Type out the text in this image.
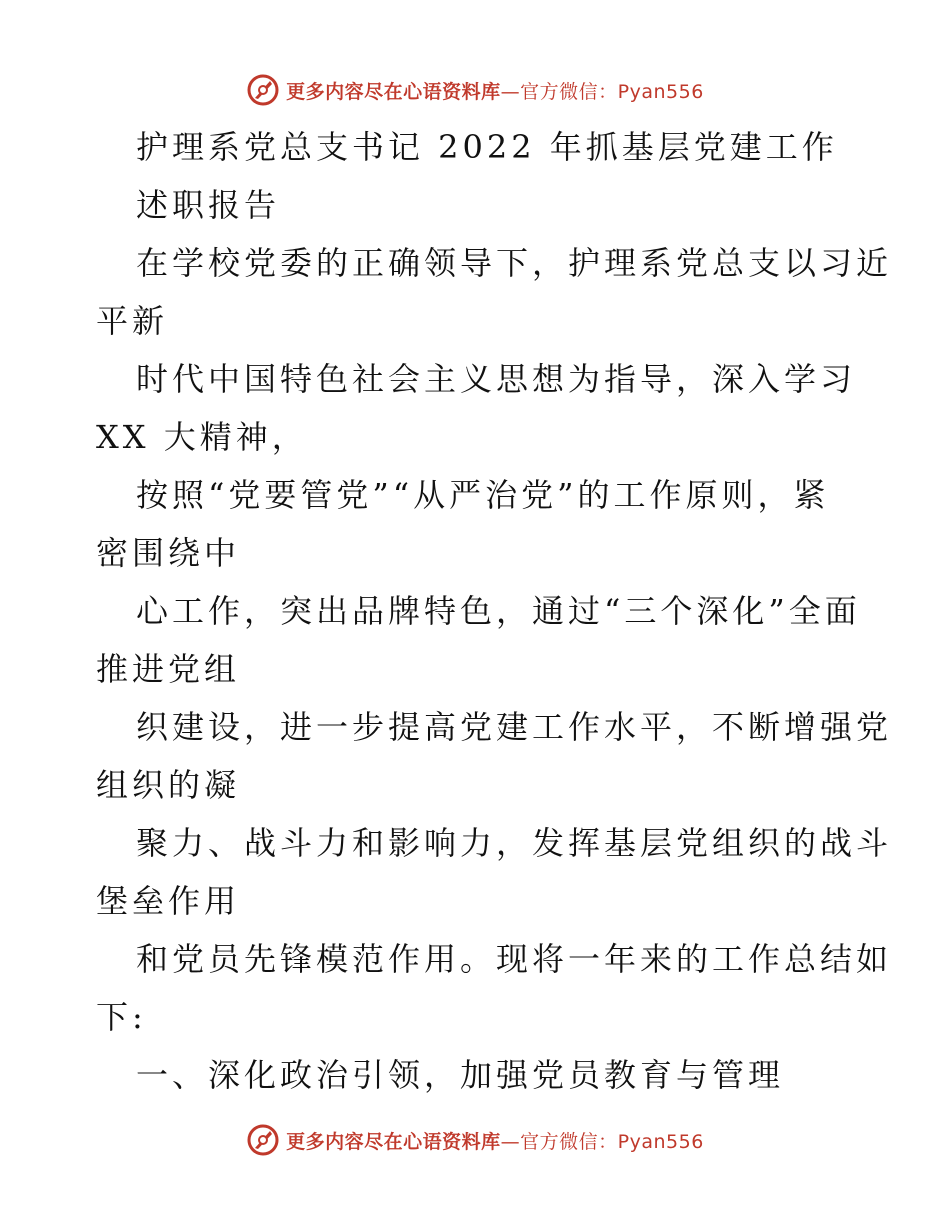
更多内容尽在心语资料库—官方微信：Pyan556
护理系党总支书记 2022 年抓基层党建工作
述职报告
在学校党委的正确领导下，护理系党总支以习近
平新
时代中国特色社会主义思想为指导，深入学习
XX 大精神，
按照“党要管党”“从严治党”的工作原则，紧
密围绕中
心工作，突出品牌特色，通过“三个深化”全面
推进党组
织建设，进一步提高党建工作水平，不断增强党
组织的凝
聚力、战斗力和影响力，发挥基层党组织的战斗
堡垒作用
和党员先锋模范作用。现将一年来的工作总结如
下:
一、深化政治引领，加强党员教育与管理
更多内容尽在心语资料库—官方微信：Pyan556
